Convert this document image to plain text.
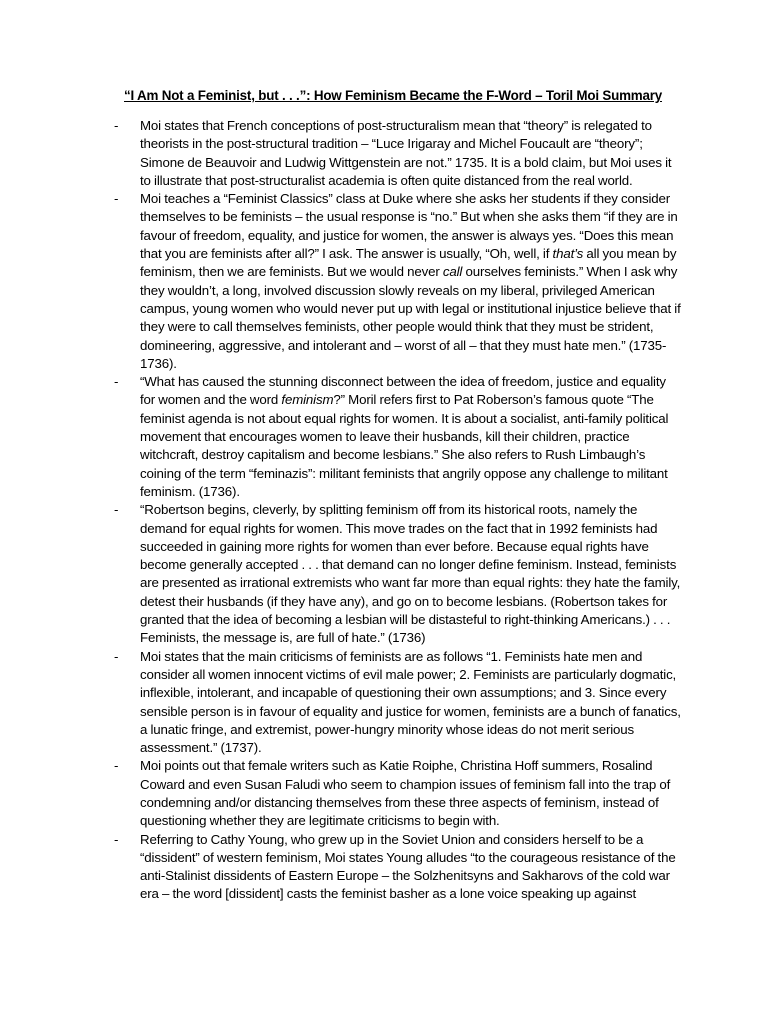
“I Am Not a Feminist, but . . .”: How Feminism Became the F-Word – Toril Moi Summary
- Moi states that French conceptions of post-structuralism mean that “theory” is relegated to theorists in the post-structural tradition – “Luce Irigaray and Michel Foucault are “theory”; Simone de Beauvoir and Ludwig Wittgenstein are not.” 1735. It is a bold claim, but Moi uses it to illustrate that post-structuralist academia is often quite distanced from the real world.
- Moi teaches a “Feminist Classics” class at Duke where she asks her students if they consider themselves to be feminists – the usual response is “no.” But when she asks them “if they are in favour of freedom, equality, and justice for women, the answer is always yes. “Does this mean that you are feminists after all?” I ask. The answer is usually, “Oh, well, if that’s all you mean by feminism, then we are feminists. But we would never call ourselves feminists.” When I ask why they wouldn’t, a long, involved discussion slowly reveals on my liberal, privileged American campus, young women who would never put up with legal or institutional injustice believe that if they were to call themselves feminists, other people would think that they must be strident, domineering, aggressive, and intolerant and – worst of all – that they must hate men.” (1735-1736).
- “What has caused the stunning disconnect between the idea of freedom, justice and equality for women and the word feminism?” Moril refers first to Pat Roberson’s famous quote “The feminist agenda is not about equal rights for women. It is about a socialist, anti-family political movement that encourages women to leave their husbands, kill their children, practice witchcraft, destroy capitalism and become lesbians.” She also refers to Rush Limbaugh’s coining of the term “feminazis”: militant feminists that angrily oppose any challenge to militant feminism. (1736).
- “Robertson begins, cleverly, by splitting feminism off from its historical roots, namely the demand for equal rights for women. This move trades on the fact that in 1992 feminists had succeeded in gaining more rights for women than ever before. Because equal rights have become generally accepted . . . that demand can no longer define feminism. Instead, feminists are presented as irrational extremists who want far more than equal rights: they hate the family, detest their husbands (if they have any), and go on to become lesbians. (Robertson takes for granted that the idea of becoming a lesbian will be distasteful to right-thinking Americans.) . . . Feminists, the message is, are full of hate.” (1736)
- Moi states that the main criticisms of feminists are as follows “1. Feminists hate men and consider all women innocent victims of evil male power; 2. Feminists are particularly dogmatic, inflexible, intolerant, and incapable of questioning their own assumptions; and 3. Since every sensible person is in favour of equality and justice for women, feminists are a bunch of fanatics, a lunatic fringe, and extremist, power-hungry minority whose ideas do not merit serious assessment.” (1737).
- Moi points out that female writers such as Katie Roiphe, Christina Hoff summers, Rosalind Coward and even Susan Faludi who seem to champion issues of feminism fall into the trap of condemning and/or distancing themselves from these three aspects of feminism, instead of questioning whether they are legitimate criticisms to begin with.
- Referring to Cathy Young, who grew up in the Soviet Union and considers herself to be a “dissident” of western feminism, Moi states Young alludes “to the courageous resistance of the anti-Stalinist dissidents of Eastern Europe – the Solzhenitsyns and Sakharovs of the cold war era – the word [dissident] casts the feminist basher as a lone voice speaking up against
